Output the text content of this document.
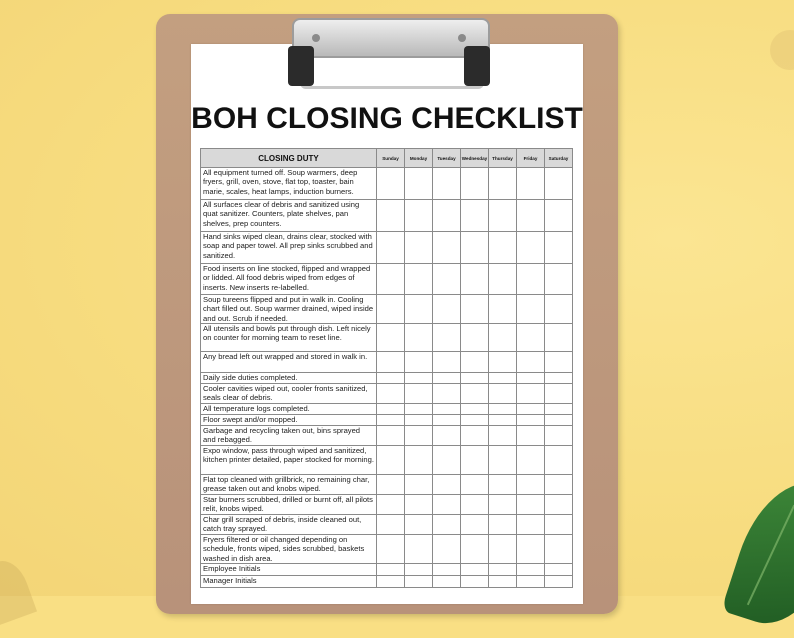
BOH CLOSING CHECKLIST
CLOSING DUTY	Sunday	Monday	Tuesday	Wednesday	Thursday	Friday	Saturday
All equipment turned off. Soup warmers, deep fryers, grill, oven, stove, flat top, toaster, bain marie, scales, heat lamps, induction burners.							
All surfaces clear of debris and sanitized using quat sanitizer. Counters, plate shelves, pan shelves, prep counters.							
Hand sinks wiped clean, drains clear, stocked with soap and paper towel. All prep sinks scrubbed and sanitized.							
Food inserts on line stocked, flipped and wrapped or lidded. All food debris wiped from edges of inserts. New inserts re-labelled.							
Soup tureens flipped and put in walk in. Cooling chart filled out. Soup warmer drained, wiped inside and out. Scrub if needed.							
All utensils and bowls put through dish. Left nicely on counter for morning team to reset line.							
Any bread left out wrapped and stored in walk in.							
Daily side duties completed.							
Cooler cavities wiped out, cooler fronts sanitized, seals clear of debris.							
All temperature logs completed.							
Floor swept and/or mopped.							
Garbage and recycling taken out, bins sprayed and rebagged.							
Expo window, pass through wiped and sanitized, kitchen printer detailed, paper stocked for morning.							
Flat top cleaned with grillbrick, no remaining char, grease taken out and knobs wiped.							
Star burners scrubbed, drilled or burnt off, all pilots relit, knobs wiped.							
Char grill scraped of debris, inside cleaned out, catch tray sprayed.							
Fryers filtered or oil changed depending on schedule, fronts wiped, sides scrubbed, baskets washed in dish area.							
Employee Initials							
Manager Initials							
